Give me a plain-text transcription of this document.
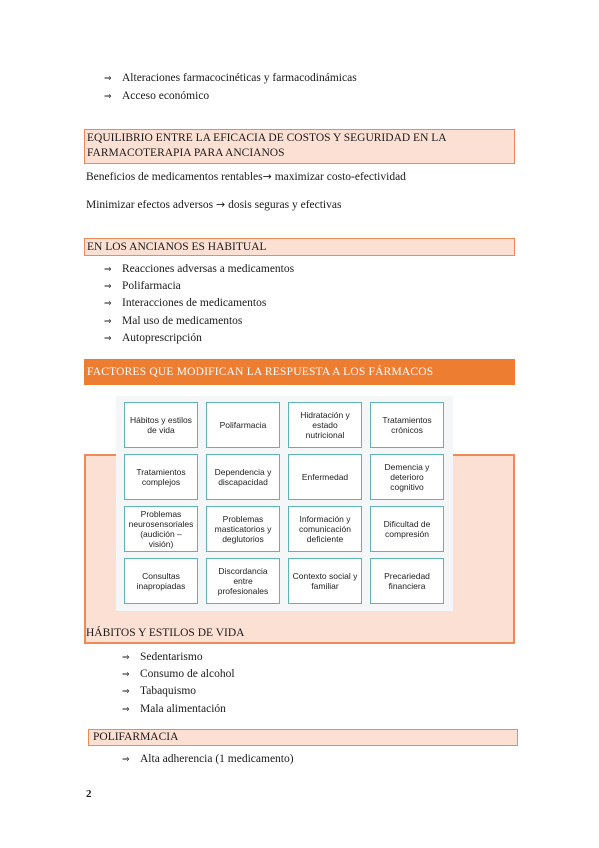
⇒ Alteraciones farmacocinéticas y farmacodinámicas
⇒ Acceso económico
EQUILIBRIO ENTRE LA EFICACIA DE COSTOS Y SEGURIDAD EN LA
FARMACOTERAPIA PARA ANCIANOS
Beneficios de medicamentos rentables→ maximizar costo-efectividad
Minimizar efectos adversos → dosis seguras y efectivas
EN LOS ANCIANOS ES HABITUAL
⇒ Reacciones adversas a medicamentos
⇒ Polifarmacia
⇒ Interacciones de medicamentos
⇒ Mal uso de medicamentos
⇒ Autoprescripción
FACTORES QUE MODIFICAN LA RESPUESTA A LOS FÁRMACOS
Hábitos y estilos de vida	Polifarmacia
Hidratación y estado nutricional
Tratamientos crónicos
Tratamientos complejos
Dependencia y discapacidad	Enfermedad
Demencia y deterioro cognitivo
Problemas neurosensoriales (audición – visión)
Problemas masticatorios y deglutorios
Información y comunicación deficiente
Dificultad de compresión
Consultas inapropiadas
Discordancia entre profesionales
Contexto social y familiar
Precariedad financiera
HÁBITOS Y ESTILOS DE VIDA
⇒ Sedentarismo
⇒ Consumo de alcohol
⇒ Tabaquismo
⇒ Mala alimentación
POLIFARMACIA
⇒ Alta adherencia (1 medicamento)
2
